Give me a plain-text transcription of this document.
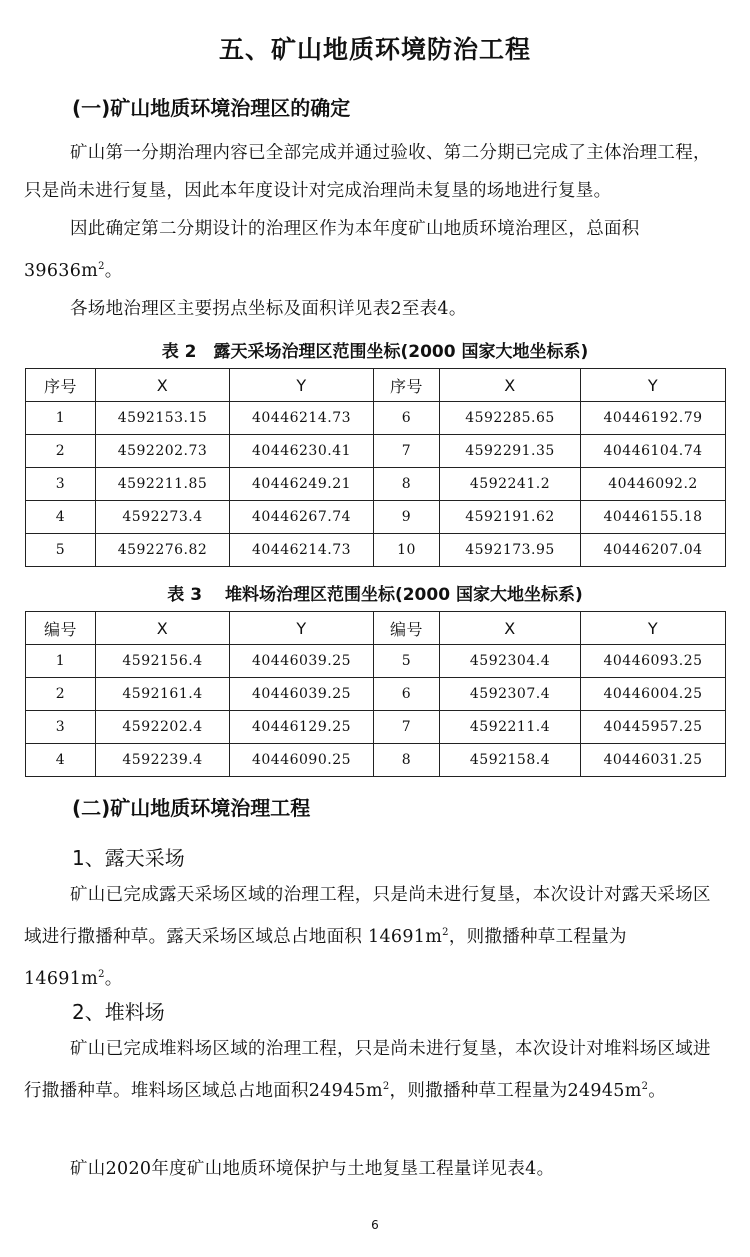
五、矿山地质环境防治工程

(一)矿山地质环境治理区的确定

矿山第一分期治理内容已全部完成并通过验收、第二分期已完成了主体治理工程，只是尚未进行复垦，因此本年度设计对完成治理尚未复垦的场地进行复垦。

因此确定第二分期设计的治理区作为本年度矿山地质环境治理区，总面积$39636m^2$。

各场地治理区主要拐点坐标及面积详见表2至表4。

表 2　露天采场治理区范围坐标(2000 国家大地坐标系)

序号	X	Y	序号	X	Y
1	4592153.15	40446214.73	6	4592285.65	40446192.79
2	4592202.73	40446230.41	7	4592291.35	40446104.74
3	4592211.85	40446249.21	8	4592241.2	40446092.2
4	4592273.4	40446267.74	9	4592191.62	40446155.18
5	4592276.82	40446214.73	10	4592173.95	40446207.04

表 3　 堆料场治理区范围坐标(2000 国家大地坐标系)

编号	X	Y	编号	X	Y
1	4592156.4	40446039.25	5	4592304.4	40446093.25
2	4592161.4	40446039.25	6	4592307.4	40446004.25
3	4592202.4	40446129.25	7	4592211.4	40445957.25
4	4592239.4	40446090.25	8	4592158.4	40446031.25

(二)矿山地质环境治理工程

1、露天采场

矿山已完成露天采场区域的治理工程，只是尚未进行复垦，本次设计对露天采场区域进行撒播种草。露天采场区域总占地面积 $14691m^2$，则撒播种草工程量为 $14691m^2$。

2、堆料场

矿山已完成堆料场区域的治理工程，只是尚未进行复垦，本次设计对堆料场区域进行撒播种草。堆料场区域总占地面积$24945m^2$，则撒播种草工程量为$24945m^2$。

矿山2020年度矿山地质环境保护与土地复垦工程量详见表4。

6
